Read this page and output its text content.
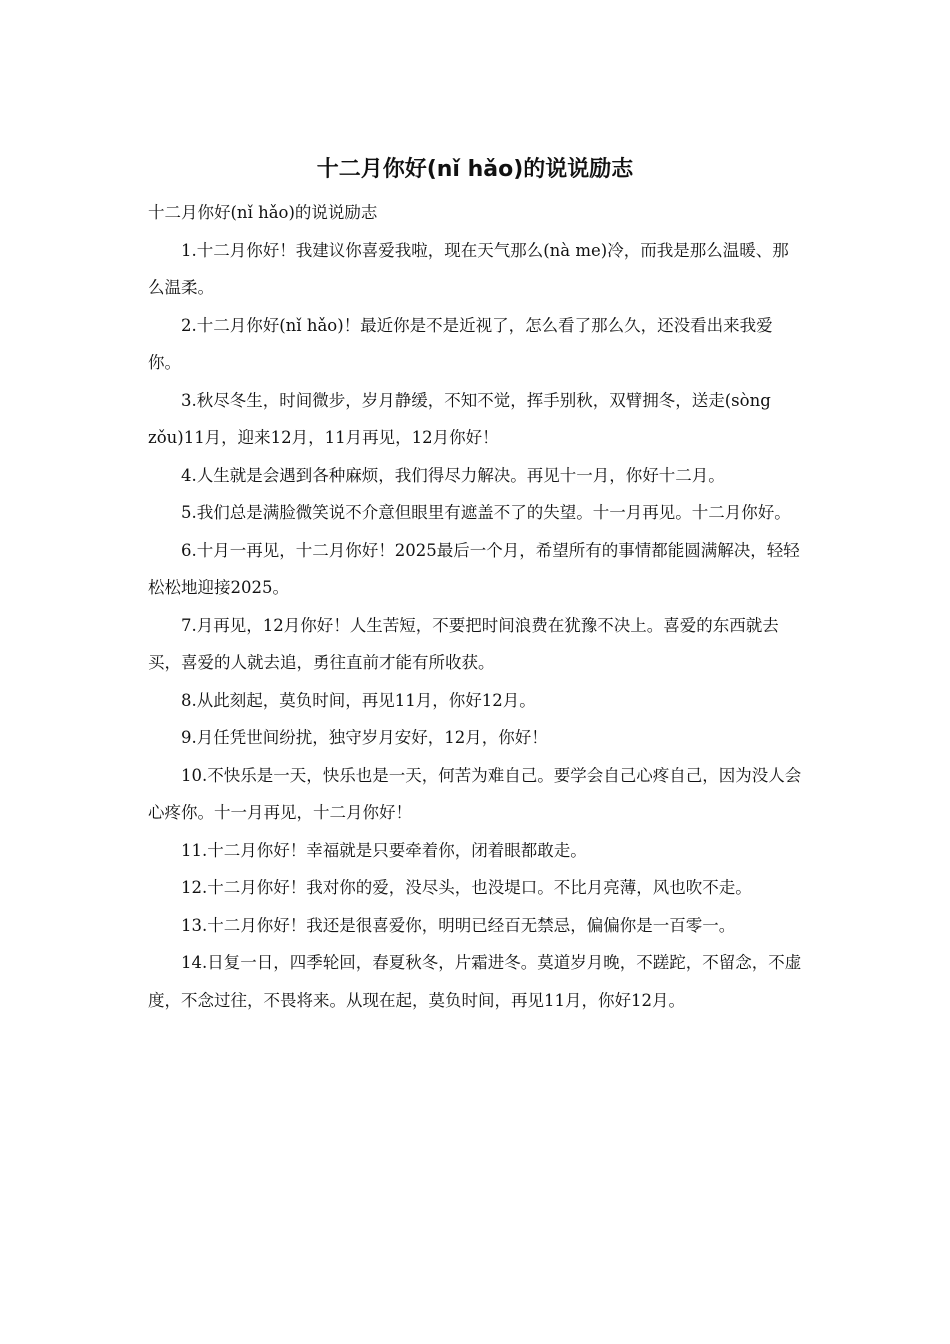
十二月你好(nǐ hǎo)的说说励志

十二月你好(nǐ hǎo)的说说励志

1.十二月你好！我建议你喜爱我啦，现在天气那么(nà me)冷，而我是那么温暖、那么温柔。

2.十二月你好(nǐ hǎo)！最近你是不是近视了，怎么看了那么久，还没看出来我爱你。

3.秋尽冬生，时间微步，岁月静缓，不知不觉，挥手别秋，双臂拥冬，送走(sòng zǒu)11月，迎来12月，11月再见，12月你好！

4.人生就是会遇到各种麻烦，我们得尽力解决。再见十一月，你好十二月。

5.我们总是满脸微笑说不介意但眼里有遮盖不了的失望。十一月再见。十二月你好。

6.十月一再见，十二月你好！2025最后一个月，希望所有的事情都能圆满解决，轻轻松松地迎接2025。

7.月再见，12月你好！人生苦短，不要把时间浪费在犹豫不决上。喜爱的东西就去买，喜爱的人就去追，勇往直前才能有所收获。

8.从此刻起，莫负时间，再见11月，你好12月。

9.月任凭世间纷扰，独守岁月安好，12月，你好！

10.不快乐是一天，快乐也是一天，何苦为难自己。要学会自己心疼自己，因为没人会心疼你。十一月再见，十二月你好！

11.十二月你好！幸福就是只要牵着你，闭着眼都敢走。

12.十二月你好！我对你的爱，没尽头，也没堤口。不比月亮薄，风也吹不走。

13.十二月你好！我还是很喜爱你，明明已经百无禁忌，偏偏你是一百零一。

14.日复一日，四季轮回，春夏秋冬，片霜进冬。莫道岁月晚，不蹉跎，不留念，不虚度，不念过往，不畏将来。从现在起，莫负时间，再见11月，你好12月。
